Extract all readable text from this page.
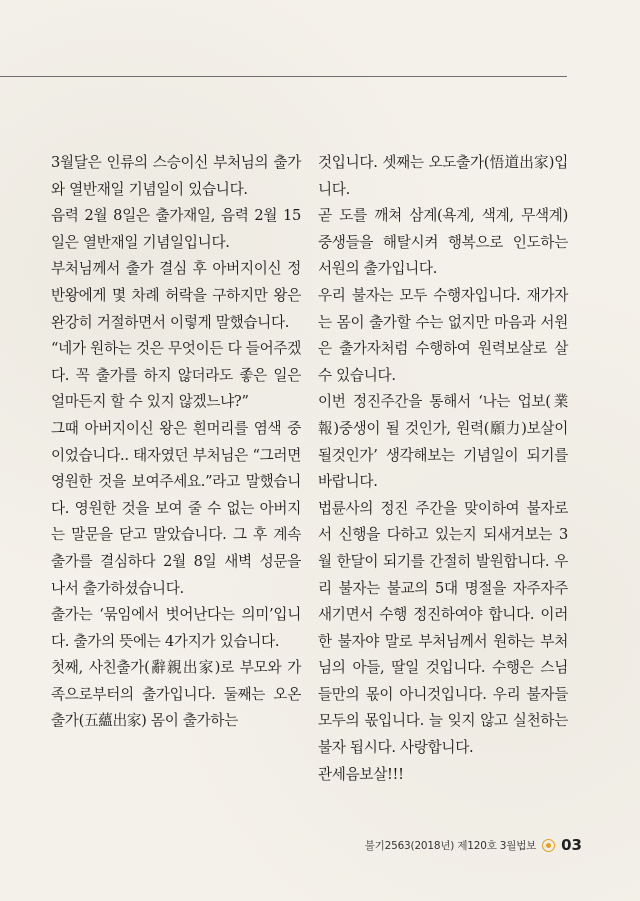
3월달은 인류의 스승이신 부처님의 출가와 열반재일 기념일이 있습니다.

음력 2월 8일은 출가재일, 음력 2월 15일은 열반재일 기념일입니다.

부처님께서 출가 결심 후 아버지이신 정반왕에게 몇 차례 허락을 구하지만 왕은 완강히 거절하면서 이렇게 말했습니다.

“네가 원하는 것은 무엇이든 다 들어주겠다. 꼭 출가를 하지 않더라도 좋은 일은 얼마든지 할 수 있지 않겠느냐?”

그때 아버지이신 왕은 흰머리를 염색 중 이었습니다.. 태자였던 부처님은 “그러면 영원한 것을 보여주세요.”라고 말했습니다. 영원한 것을 보여 줄 수 없는 아버지는 말문을 닫고 말았습니다. 그 후 계속 출가를 결심하다 2월 8일 새벽 성문을 나서 출가하셨습니다.

출가는 ‘묶임에서 벗어난다는 의미’입니다. 출가의 뜻에는 4가지가 있습니다.

첫째, 사친출가(辭親出家)로 부모와 가족으로부터의 출가입니다. 둘째는 오온출가(五蘊出家) 몸이 출가하는

것입니다. 셋째는 오도출가(悟道出家)입니다.

곧 도를 깨쳐 삼계(욕계, 색계, 무색계) 중생들을 해탈시켜 행복으로 인도하는 서원의 출가입니다.

우리 불자는 모두 수행자입니다. 재가자는 몸이 출가할 수는 없지만 마음과 서원은 출가자처럼 수행하여 원력보살로 살 수 있습니다.

이번 정진주간을 통해서 ‘나는 업보(業報)중생이 될 것인가, 원력(願力)보살이 될것인가’ 생각해보는 기념일이 되기를 바랍니다.

법륜사의 정진 주간을 맞이하여 불자로서 신행을 다하고 있는지 되새겨보는 3월 한달이 되기를 간절히 발원합니다. 우리 불자는 불교의 5대 명절을 자주자주 새기면서 수행 정진하여야 합니다. 이러한 불자야 말로 부처님께서 원하는 부처님의 아들, 딸일 것입니다. 수행은 스님들만의 몫이 아니것입니다. 우리 불자들 모두의 몫입니다. 늘 잊지 않고 실천하는 불자 됩시다. 사랑합니다.

관세음보살!!!

불기2563(2018년) 제120호 3월법보 03
